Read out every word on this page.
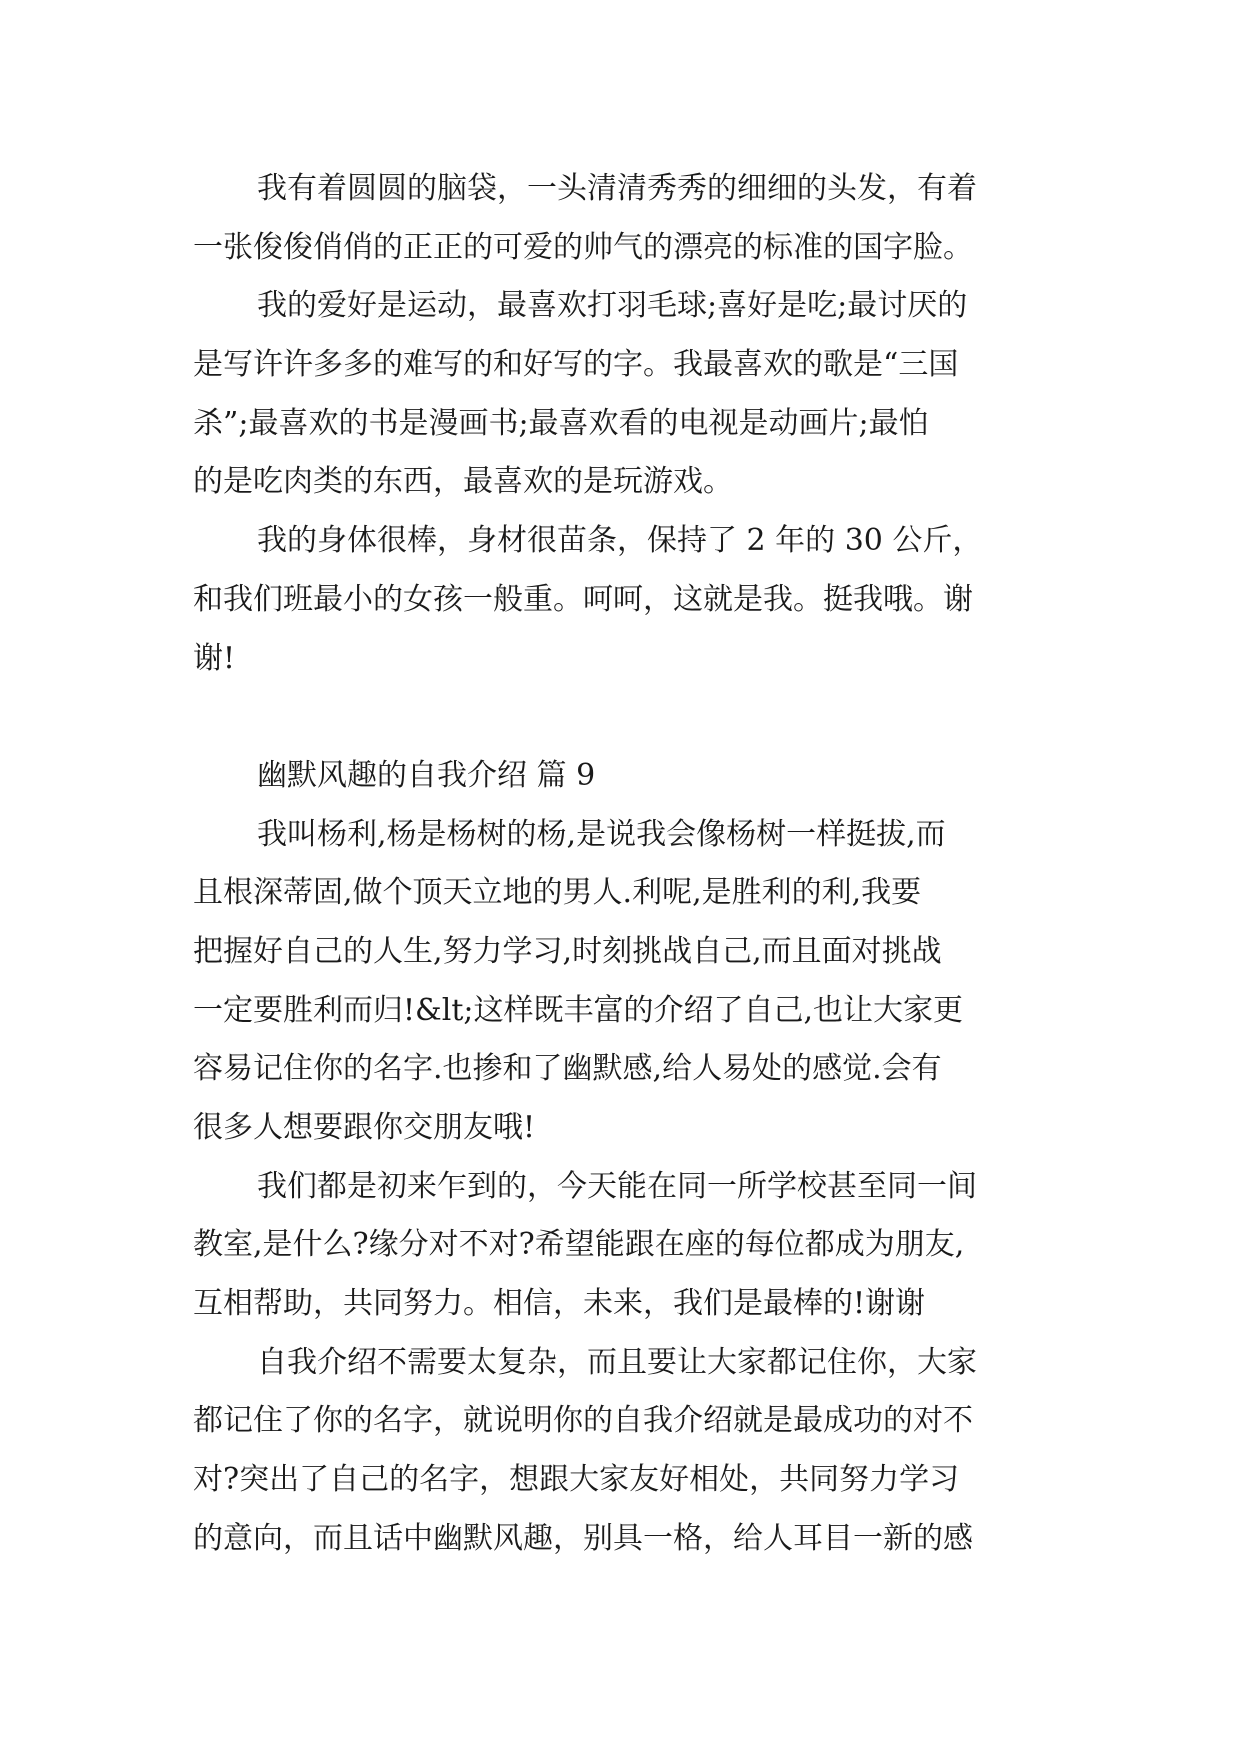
我有着圆圆的脑袋，一头清清秀秀的细细的头发，有着
一张俊俊俏俏的正正的可爱的帅气的漂亮的标准的国字脸。
我的爱好是运动，最喜欢打羽毛球;喜好是吃;最讨厌的
是写许许多多的难写的和好写的字。我最喜欢的歌是“三国
杀”;最喜欢的书是漫画书;最喜欢看的电视是动画片;最怕
的是吃肉类的东西，最喜欢的是玩游戏。
我的身体很棒，身材很苗条，保持了 2 年的 30 公斤，
和我们班最小的女孩一般重。呵呵，这就是我。挺我哦。谢
谢!
幽默风趣的自我介绍 篇 9
我叫杨利,杨是杨树的杨,是说我会像杨树一样挺拔,而
且根深蒂固,做个顶天立地的男人.利呢,是胜利的利,我要
把握好自己的人生,努力学习,时刻挑战自己,而且面对挑战
一定要胜利而归!&lt;这样既丰富的介绍了自己,也让大家更
容易记住你的名字.也掺和了幽默感,给人易处的感觉.会有
很多人想要跟你交朋友哦!
我们都是初来乍到的，今天能在同一所学校甚至同一间
教室,是什么?缘分对不对?希望能跟在座的每位都成为朋友,
互相帮助，共同努力。相信，未来，我们是最棒的!谢谢
自我介绍不需要太复杂，而且要让大家都记住你，大家
都记住了你的名字，就说明你的自我介绍就是最成功的对不
对?突出了自己的名字，想跟大家友好相处，共同努力学习
的意向，而且话中幽默风趣，别具一格，给人耳目一新的感
